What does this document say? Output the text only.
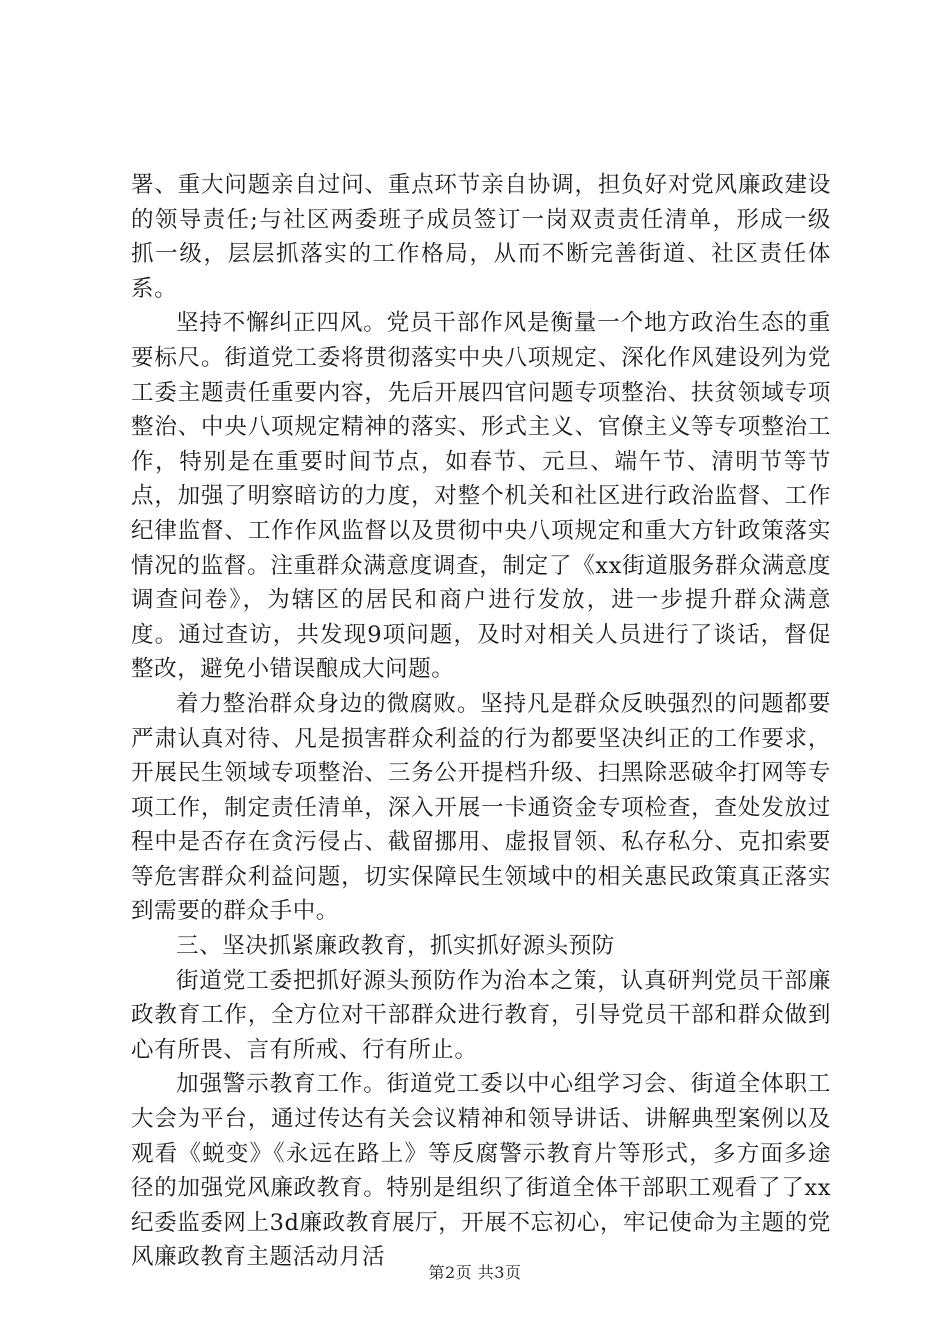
署、重大问题亲自过问、重点环节亲自协调，担负好对党风廉政建设的领导责任;与社区两委班子成员签订一岗双责责任清单，形成一级抓一级，层层抓落实的工作格局，从而不断完善街道、社区责任体系。

坚持不懈纠正四风。党员干部作风是衡量一个地方政治生态的重要标尺。街道党工委将贯彻落实中央八项规定、深化作风建设列为党工委主题责任重要内容，先后开展四官问题专项整治、扶贫领域专项整治、中央八项规定精神的落实、形式主义、官僚主义等专项整治工作，特别是在重要时间节点，如春节、元旦、端午节、清明节等节点，加强了明察暗访的力度，对整个机关和社区进行政治监督、工作纪律监督、工作作风监督以及贯彻中央八项规定和重大方针政策落实情况的监督。注重群众满意度调查，制定了《xx街道服务群众满意度调查问卷》，为辖区的居民和商户进行发放，进一步提升群众满意度。通过查访，共发现9项问题，及时对相关人员进行了谈话，督促整改，避免小错误酿成大问题。

着力整治群众身边的微腐败。坚持凡是群众反映强烈的问题都要严肃认真对待、凡是损害群众利益的行为都要坚决纠正的工作要求，开展民生领域专项整治、三务公开提档升级、扫黑除恶破伞打网等专项工作，制定责任清单，深入开展一卡通资金专项检查，查处发放过程中是否存在贪污侵占、截留挪用、虚报冒领、私存私分、克扣索要等危害群众利益问题，切实保障民生领域中的相关惠民政策真正落实到需要的群众手中。

三、坚决抓紧廉政教育，抓实抓好源头预防

街道党工委把抓好源头预防作为治本之策，认真研判党员干部廉政教育工作，全方位对干部群众进行教育，引导党员干部和群众做到心有所畏、言有所戒、行有所止。

加强警示教育工作。街道党工委以中心组学习会、街道全体职工大会为平台，通过传达有关会议精神和领导讲话、讲解典型案例以及观看《蜕变》《永远在路上》等反腐警示教育片等形式，多方面多途径的加强党风廉政教育。特别是组织了街道全体干部职工观看了了xx纪委监委网上3d廉政教育展厅，开展不忘初心，牢记使命为主题的党风廉政教育主题活动月活

第2页 共3页
